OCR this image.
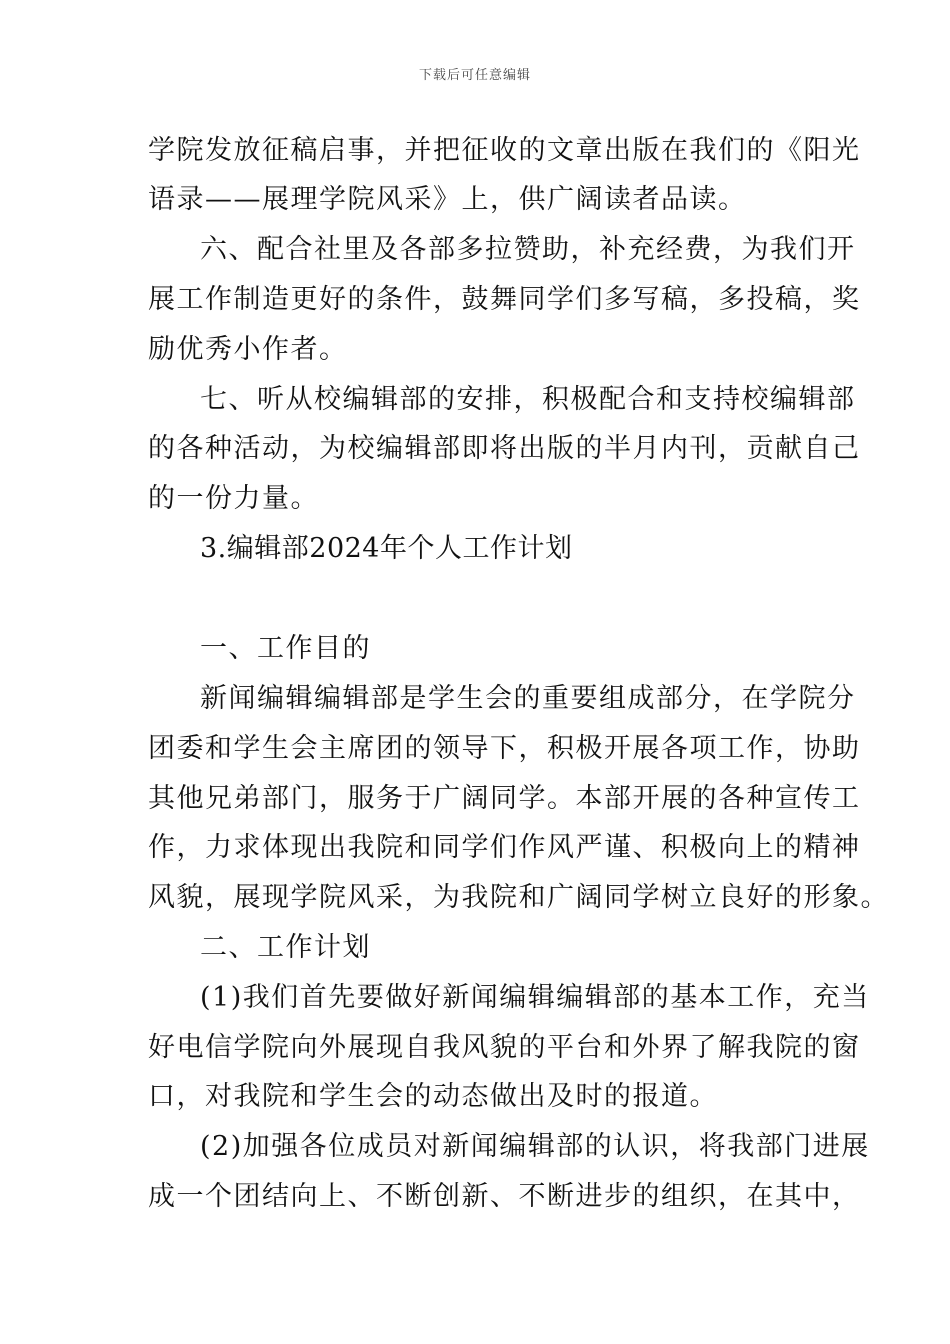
下载后可任意编辑
学院发放征稿启事，并把征收的文章出版在我们的《阳光
语录——展理学院风采》上，供广阔读者品读。
六、配合社里及各部多拉赞助，补充经费，为我们开
展工作制造更好的条件，鼓舞同学们多写稿，多投稿，奖
励优秀小作者。
七、听从校编辑部的安排，积极配合和支持校编辑部
的各种活动，为校编辑部即将出版的半月内刊，贡献自己
的一份力量。
3.编辑部2024年个人工作计划
一、工作目的
新闻编辑编辑部是学生会的重要组成部分，在学院分
团委和学生会主席团的领导下，积极开展各项工作，协助
其他兄弟部门，服务于广阔同学。本部开展的各种宣传工
作，力求体现出我院和同学们作风严谨、积极向上的精神
风貌，展现学院风采，为我院和广阔同学树立良好的形象。
二、工作计划
(1)我们首先要做好新闻编辑编辑部的基本工作，充当
好电信学院向外展现自我风貌的平台和外界了解我院的窗
口，对我院和学生会的动态做出及时的报道。
(2)加强各位成员对新闻编辑部的认识，将我部门进展
成一个团结向上、不断创新、不断进步的组织，在其中，
